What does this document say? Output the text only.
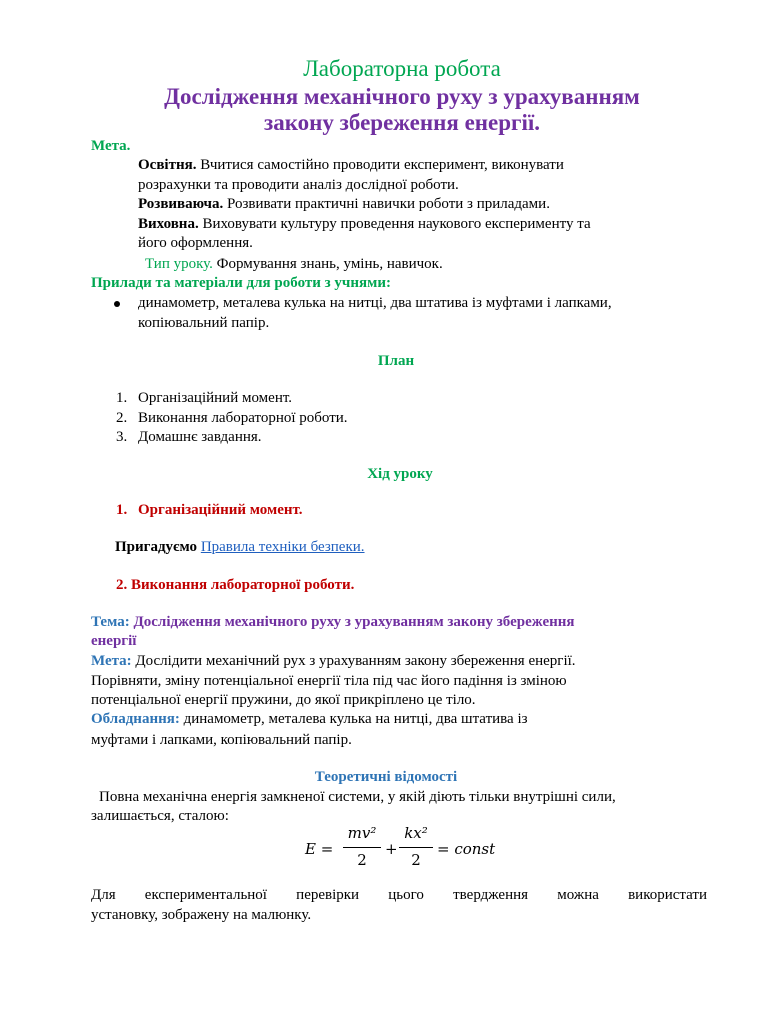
Лабораторна робота
Дослідження механічного руху з урахуванням
закону збереження енергії.
Мета.
Освітня. Вчитися самостійно проводити експеримент, виконувати
розрахунки та проводити аналіз дослідної роботи.
Розвиваюча. Розвивати практичні навички роботи з приладами.
Виховна. Виховувати культуру проведення наукового експерименту та
його оформлення.
Тип уроку. Формування знань, умінь, навичок.
Прилади та матеріали для роботи з учнями:
динамометр, металева кулька на нитці, два штатива із муфтами і лапками,
копіювальний папір.
План
1. Організаційний момент.
2. Виконання лабораторної роботи.
3. Домашнє завдання.
Хід уроку
1. Організаційний момент.
Пригадуємо Правила техніки безпеки.
2. Виконання лабораторної роботи.
Тема: Дослідження механічного руху з урахуванням закону збереження
енергії
Мета: Дослідити механічний рух з урахуванням закону збереження енергії.
Порівняти, зміну потенціальної енергії тіла під час його падіння із зміною
потенціальної енергії пружини, до якої прикріплено це тіло.
Обладнання: динамометр, металева кулька на нитці, два штатива із
муфтами і лапками, копіювальний папір.
Теоретичні відомості
Повна механічна енергія замкненої системи, у якій діють тільки внутрішні сили,
залишається, сталою:
E =
mv²
2
+
kx²
2
= const
Для експериментальної перевірки цього твердження можна використати
установку, зображену на малюнку.
